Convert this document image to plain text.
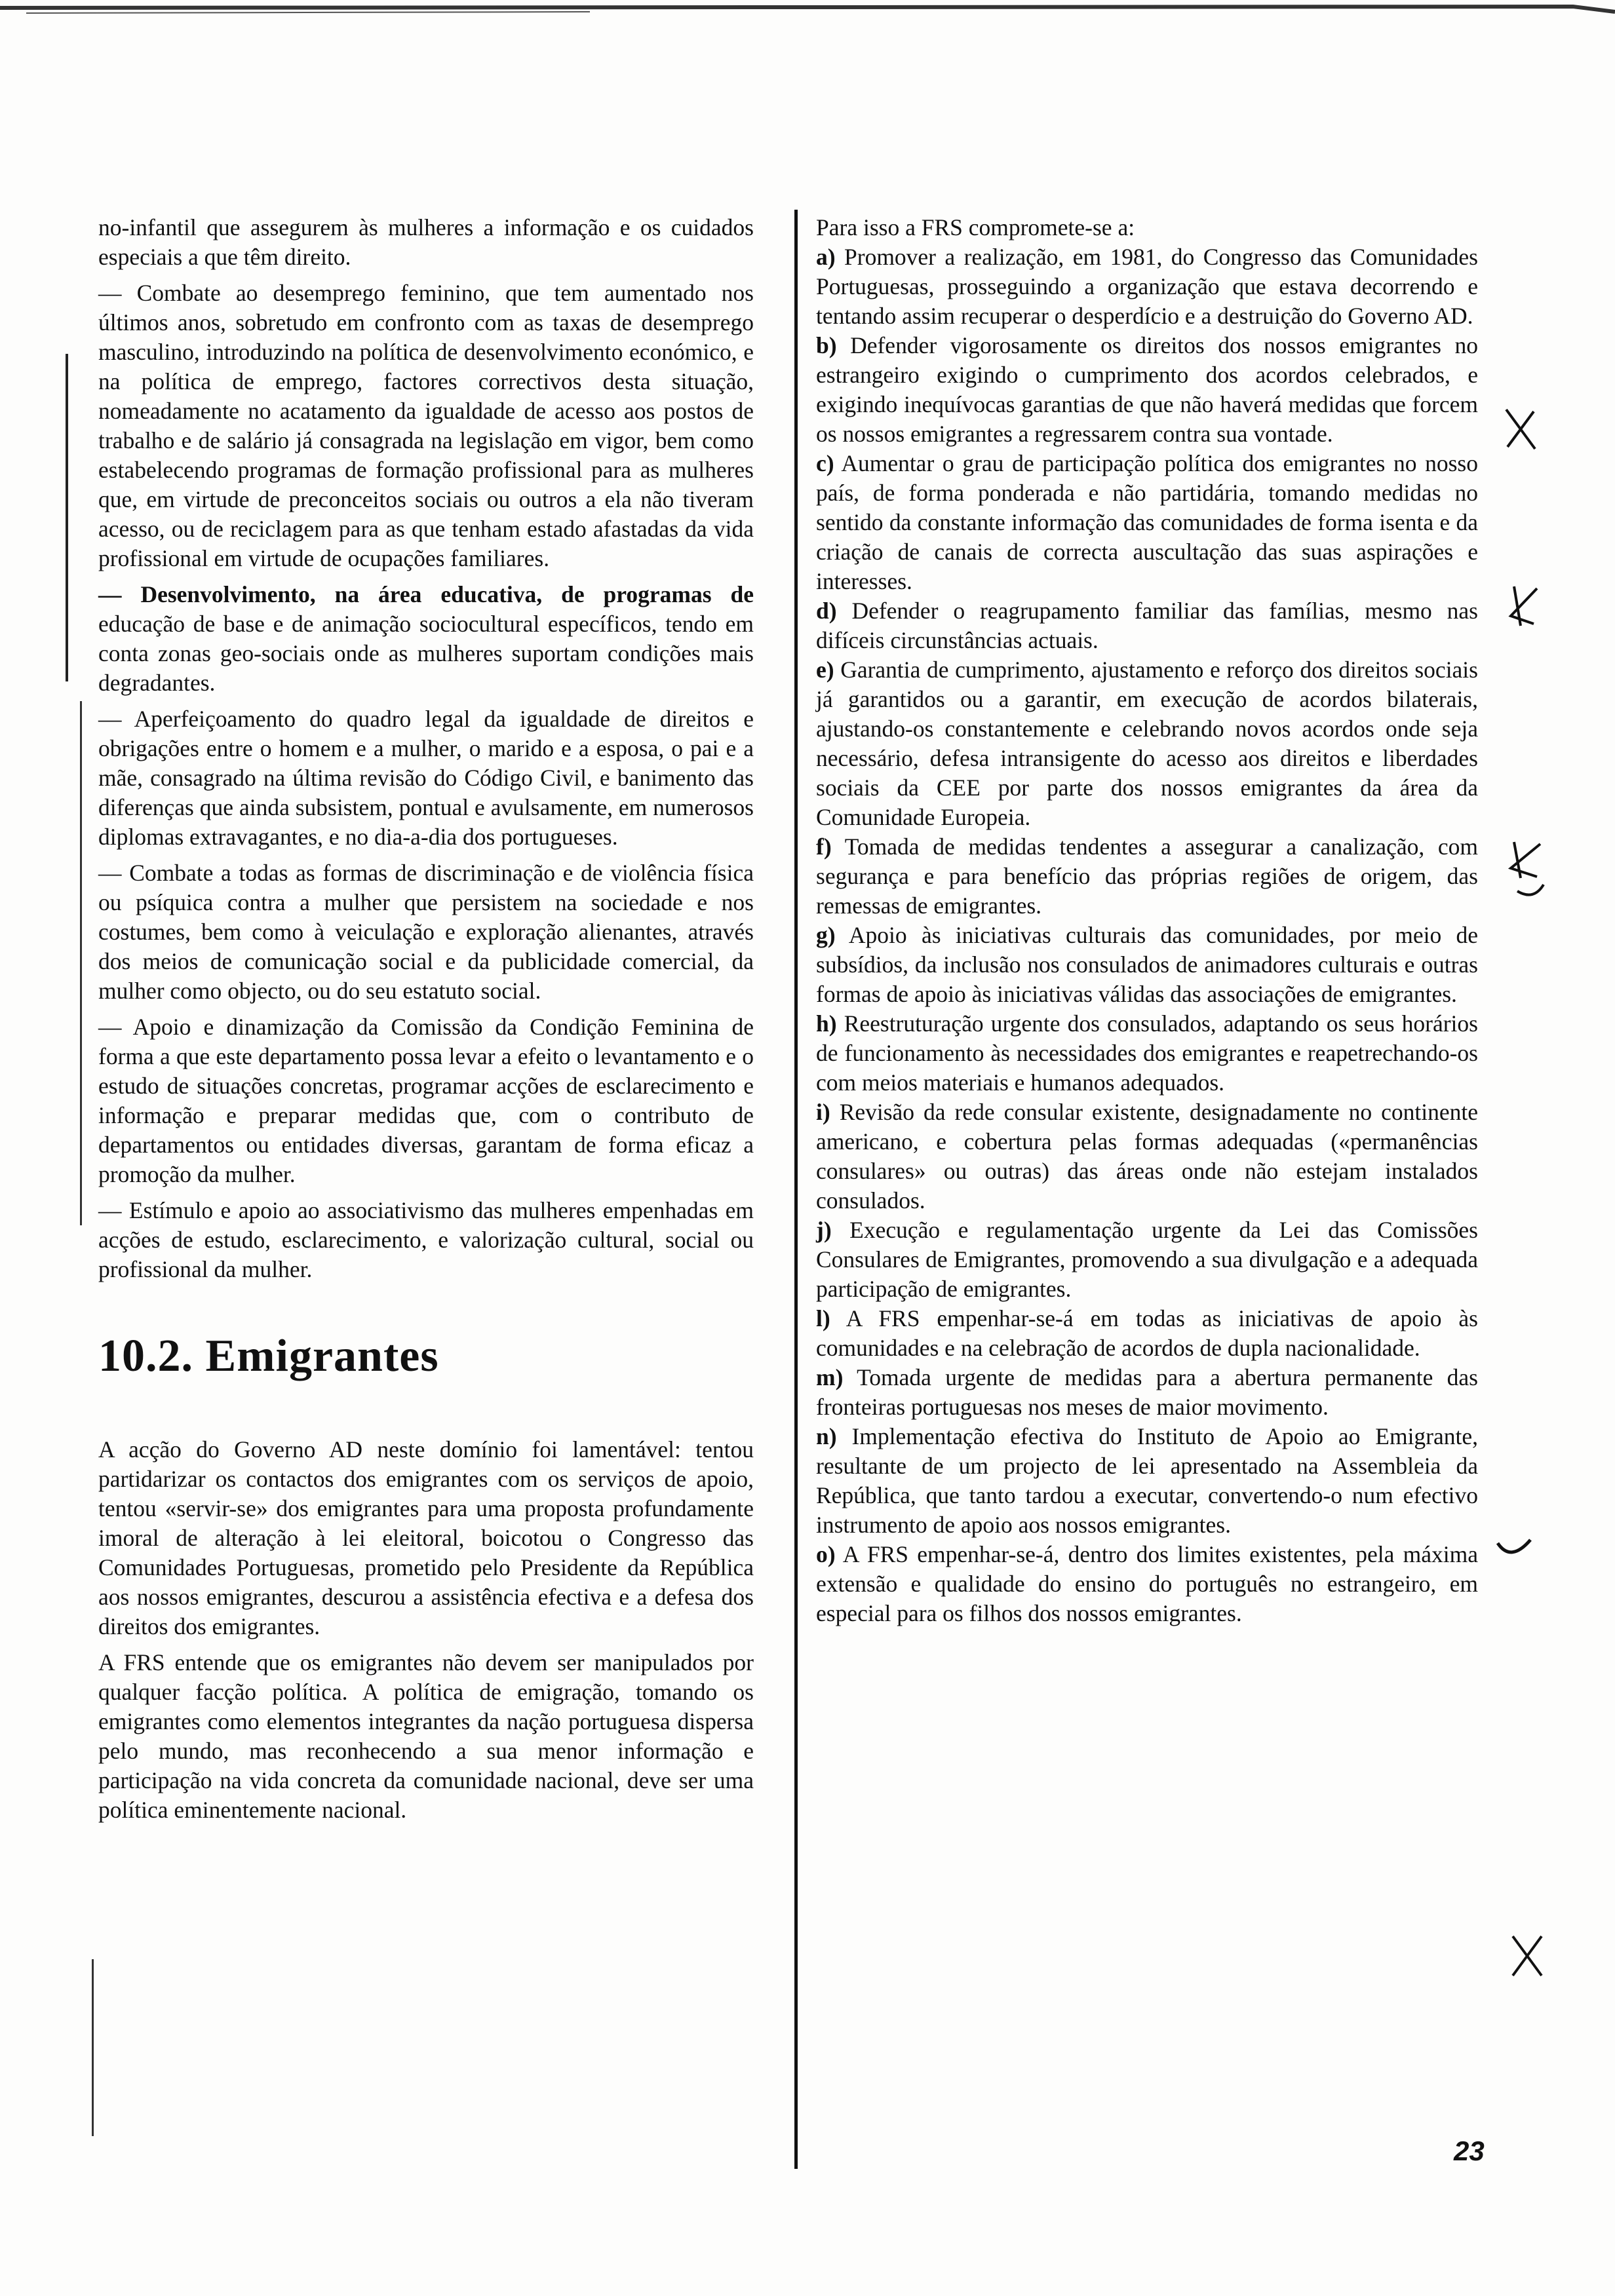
no-infantil que assegurem às mulheres a informação e os cuidados especiais a que têm direito.

— Combate ao desemprego feminino, que tem aumentado nos últimos anos, sobretudo em confronto com as taxas de desemprego masculino, introduzindo na política de desenvolvimento económico, e na política de emprego, factores correctivos desta situação, nomeadamente no acatamento da igualdade de acesso aos postos de trabalho e de salário já consagrada na legislação em vigor, bem como estabelecendo programas de formação profissional para as mulheres que, em virtude de preconceitos sociais ou outros a ela não tiveram acesso, ou de reciclagem para as que tenham estado afastadas da vida profissional em virtude de ocupações familiares.

— Desenvolvimento, na área educativa, de programas de educação de base e de animação sociocultural específicos, tendo em conta zonas geo-sociais onde as mulheres suportam condições mais degradantes.

— Aperfeiçoamento do quadro legal da igualdade de direitos e obrigações entre o homem e a mulher, o marido e a esposa, o pai e a mãe, consagrado na última revisão do Código Civil, e banimento das diferenças que ainda subsistem, pontual e avulsamente, em numerosos diplomas extravagantes, e no dia-a-dia dos portugueses.

— Combate a todas as formas de discriminação e de violência física ou psíquica contra a mulher que persistem na sociedade e nos costumes, bem como à veiculação e exploração alienantes, através dos meios de comunicação social e da publicidade comercial, da mulher como objecto, ou do seu estatuto social.

— Apoio e dinamização da Comissão da Condição Feminina de forma a que este departamento possa levar a efeito o levantamento e o estudo de situações concretas, programar acções de esclarecimento e informação e preparar medidas que, com o contributo de departamentos ou entidades diversas, garantam de forma eficaz a promoção da mulher.

— Estímulo e apoio ao associativismo das mulheres empenhadas em acções de estudo, esclarecimento, e valorização cultural, social ou profissional da mulher.

10.2. Emigrantes

A acção do Governo AD neste domínio foi lamentável: tentou partidarizar os contactos dos emigrantes com os serviços de apoio, tentou «servir-se» dos emigrantes para uma proposta profundamente imoral de alteração à lei eleitoral, boicotou o Congresso das Comunidades Portuguesas, prometido pelo Presidente da República aos nossos emigrantes, descurou a assistência efectiva e a defesa dos direitos dos emigrantes.

A FRS entende que os emigrantes não devem ser manipulados por qualquer facção política. A política de emigração, tomando os emigrantes como elementos integrantes da nação portuguesa dispersa pelo mundo, mas reconhecendo a sua menor informação e participação na vida concreta da comunidade nacional, deve ser uma política eminentemente nacional.

Para isso a FRS compromete-se a:

a) Promover a realização, em 1981, do Congresso das Comunidades Portuguesas, prosseguindo a organização que estava decorrendo e tentando assim recuperar o desperdício e a destruição do Governo AD.

b) Defender vigorosamente os direitos dos nossos emigrantes no estrangeiro exigindo o cumprimento dos acordos celebrados, e exigindo inequívocas garantias de que não haverá medidas que forcem os nossos emigrantes a regressarem contra sua vontade.

c) Aumentar o grau de participação política dos emigrantes no nosso país, de forma ponderada e não partidária, tomando medidas no sentido da constante informação das comunidades de forma isenta e da criação de canais de correcta auscultação das suas aspirações e interesses.

d) Defender o reagrupamento familiar das famílias, mesmo nas difíceis circunstâncias actuais.

e) Garantia de cumprimento, ajustamento e reforço dos direitos sociais já garantidos ou a garantir, em execução de acordos bilaterais, ajustando-os constantemente e celebrando novos acordos onde seja necessário, defesa intransigente do acesso aos direitos e liberdades sociais da CEE por parte dos nossos emigrantes da área da Comunidade Europeia.

f) Tomada de medidas tendentes a assegurar a canalização, com segurança e para benefício das próprias regiões de origem, das remessas de emigrantes.

g) Apoio às iniciativas culturais das comunidades, por meio de subsídios, da inclusão nos consulados de animadores culturais e outras formas de apoio às iniciativas válidas das associações de emigrantes.

h) Reestruturação urgente dos consulados, adaptando os seus horários de funcionamento às necessidades dos emigrantes e reapetrechando-os com meios materiais e humanos adequados.

i) Revisão da rede consular existente, designadamente no continente americano, e cobertura pelas formas adequadas («permanências consulares» ou outras) das áreas onde não estejam instalados consulados.

j) Execução e regulamentação urgente da Lei das Comissões Consulares de Emigrantes, promovendo a sua divulgação e a adequada participação de emigrantes.

l) A FRS empenhar-se-á em todas as iniciativas de apoio às comunidades e na celebração de acordos de dupla nacionalidade.

m) Tomada urgente de medidas para a abertura permanente das fronteiras portuguesas nos meses de maior movimento.

n) Implementação efectiva do Instituto de Apoio ao Emigrante, resultante de um projecto de lei apresentado na Assembleia da República, que tanto tardou a executar, convertendo-o num efectivo instrumento de apoio aos nossos emigrantes.

o) A FRS empenhar-se-á, dentro dos limites existentes, pela máxima extensão e qualidade do ensino do português no estrangeiro, em especial para os filhos dos nossos emigrantes.

23
